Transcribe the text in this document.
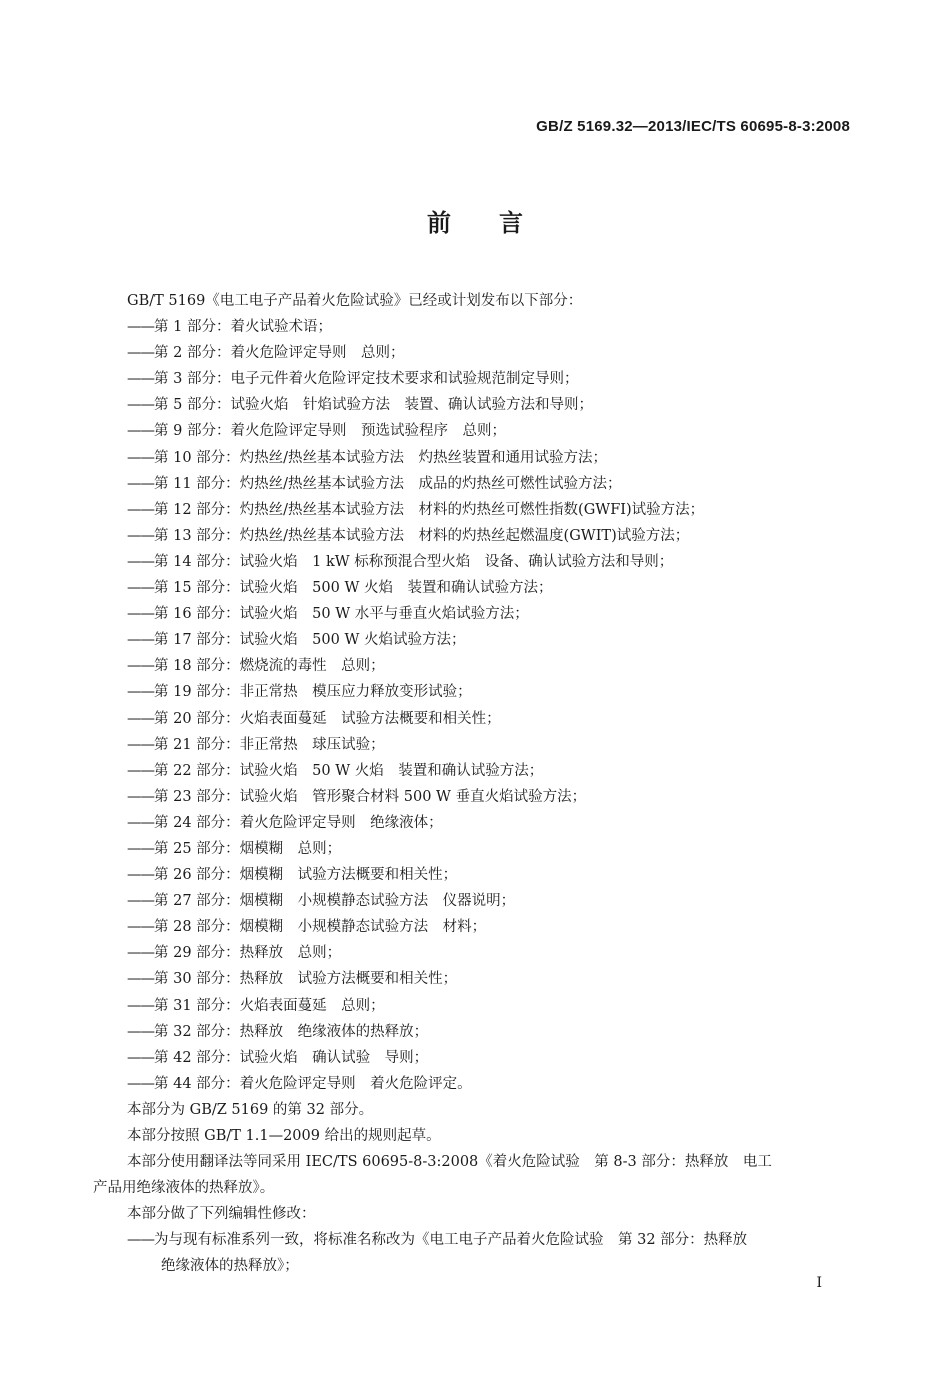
GB/Z 5169.32—2013/IEC/TS 60695-8-3:2008
前言
GB/T 5169《电工电子产品着火危险试验》已经或计划发布以下部分：
——第 1 部分：着火试验术语；
——第 2 部分：着火危险评定导则　总则；
——第 3 部分：电子元件着火危险评定技术要求和试验规范制定导则；
——第 5 部分：试验火焰　针焰试验方法　装置、确认试验方法和导则；
——第 9 部分：着火危险评定导则　预选试验程序　总则；
——第 10 部分：灼热丝/热丝基本试验方法　灼热丝装置和通用试验方法；
——第 11 部分：灼热丝/热丝基本试验方法　成品的灼热丝可燃性试验方法；
——第 12 部分：灼热丝/热丝基本试验方法　材料的灼热丝可燃性指数(GWFI)试验方法；
——第 13 部分：灼热丝/热丝基本试验方法　材料的灼热丝起燃温度(GWIT)试验方法；
——第 14 部分：试验火焰　1 kW 标称预混合型火焰　设备、确认试验方法和导则；
——第 15 部分：试验火焰　500 W 火焰　装置和确认试验方法；
——第 16 部分：试验火焰　50 W 水平与垂直火焰试验方法；
——第 17 部分：试验火焰　500 W 火焰试验方法；
——第 18 部分：燃烧流的毒性　总则；
——第 19 部分：非正常热　模压应力释放变形试验；
——第 20 部分：火焰表面蔓延　试验方法概要和相关性；
——第 21 部分：非正常热　球压试验；
——第 22 部分：试验火焰　50 W 火焰　装置和确认试验方法；
——第 23 部分：试验火焰　管形聚合材料 500 W 垂直火焰试验方法；
——第 24 部分：着火危险评定导则　绝缘液体；
——第 25 部分：烟模糊　总则；
——第 26 部分：烟模糊　试验方法概要和相关性；
——第 27 部分：烟模糊　小规模静态试验方法　仪器说明；
——第 28 部分：烟模糊　小规模静态试验方法　材料；
——第 29 部分：热释放　总则；
——第 30 部分：热释放　试验方法概要和相关性；
——第 31 部分：火焰表面蔓延　总则；
——第 32 部分：热释放　绝缘液体的热释放；
——第 42 部分：试验火焰　确认试验　导则；
——第 44 部分：着火危险评定导则　着火危险评定。
本部分为 GB/Z 5169 的第 32 部分。
本部分按照 GB/T 1.1—2009 给出的规则起草。
本部分使用翻译法等同采用 IEC/TS 60695-8-3:2008《着火危险试验　第 8-3 部分：热释放　电工
产品用绝缘液体的热释放》。
本部分做了下列编辑性修改：
——为与现有标准系列一致，将标准名称改为《电工电子产品着火危险试验　第 32 部分：热释放
绝缘液体的热释放》；
I
